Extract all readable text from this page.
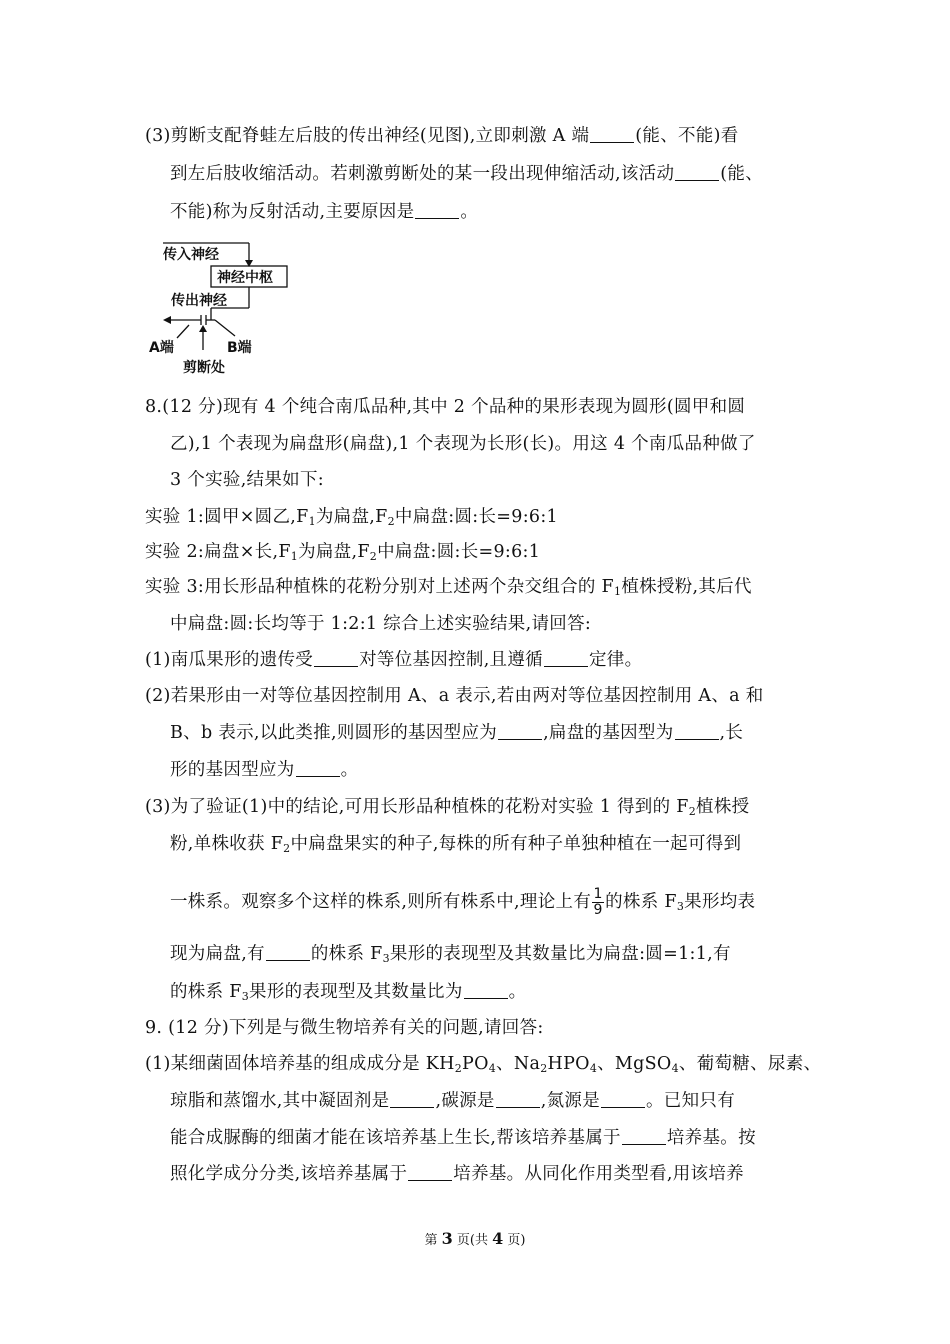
(3)剪断支配脊蛙左后肢的传出神经(见图),立即刺激 A 端	(能、不能)看
到左后肢收缩活动。若刺激剪断处的某一段出现伸缩活动,该活动	(能、
不能)称为反射活动,主要原因是	。
传入神经
神经中枢
传出神经
A端	B端
剪断处
8.(12 分)现有 4 个纯合南瓜品种,其中 2 个品种的果形表现为圆形(圆甲和圆
乙),1 个表现为扁盘形(扁盘),1 个表现为长形(长)。用这 4 个南瓜品种做了
3 个实验,结果如下:
实验 1:圆甲×圆乙$,F_1$为扁盘$,F_2$中扁盘:圆:长=9:6:1
实验 2:扁盘×长$,F_1$为扁盘$,F_2$中扁盘:圆:长=9:6:1
实验 3:用长形品种植株的花粉分别对上述两个杂交组合的 $F_1$植株授粉,其后代
中扁盘:圆:长均等于 1:2:1 综合上述实验结果,请回答:
(1)南瓜果形的遗传受	对等位基因控制,且遵循	定律。
(2)若果形由一对等位基因控制用 A、a 表示,若由两对等位基因控制用 A、a 和
B、b 表示,以此类推,则圆形的基因型应为	,扁盘的基因型为	,长
形的基因型应为	。
(3)为了验证(1)中的结论,可用长形品种植株的花粉对实验 1 得到的 $F_2$植株授
粉,单株收获 $F_2$中扁盘果实的种子,每株的所有种子单独种植在一起可得到
一株系。观察多个这样的株系,则所有株系中,理论上有 $\frac{1}{9}$ 的株系 $F_3$果形均表
现为扁盘,有	的株系 $F_3$果形的表现型及其数量比为扁盘:圆=1:1,有
的株系 $F_3$果形的表现型及其数量比为	。
9. (12 分)下列是与微生物培养有关的问题,请回答:
(1)某细菌固体培养基的组成成分是 $KH_2PO_4$、$Na_2HPO_4$、MgSO$_4$、葡萄糖、尿素、
琼脂和蒸馏水,其中凝固剂是	,碳源是	,氮源是	。已知只有
能合成脲酶的细菌才能在该培养基上生长,帮该培养基属于	培养基。按
照化学成分分类,该培养基属于	培养基。从同化作用类型看,用该培养
第 3 页(共 4 页)
